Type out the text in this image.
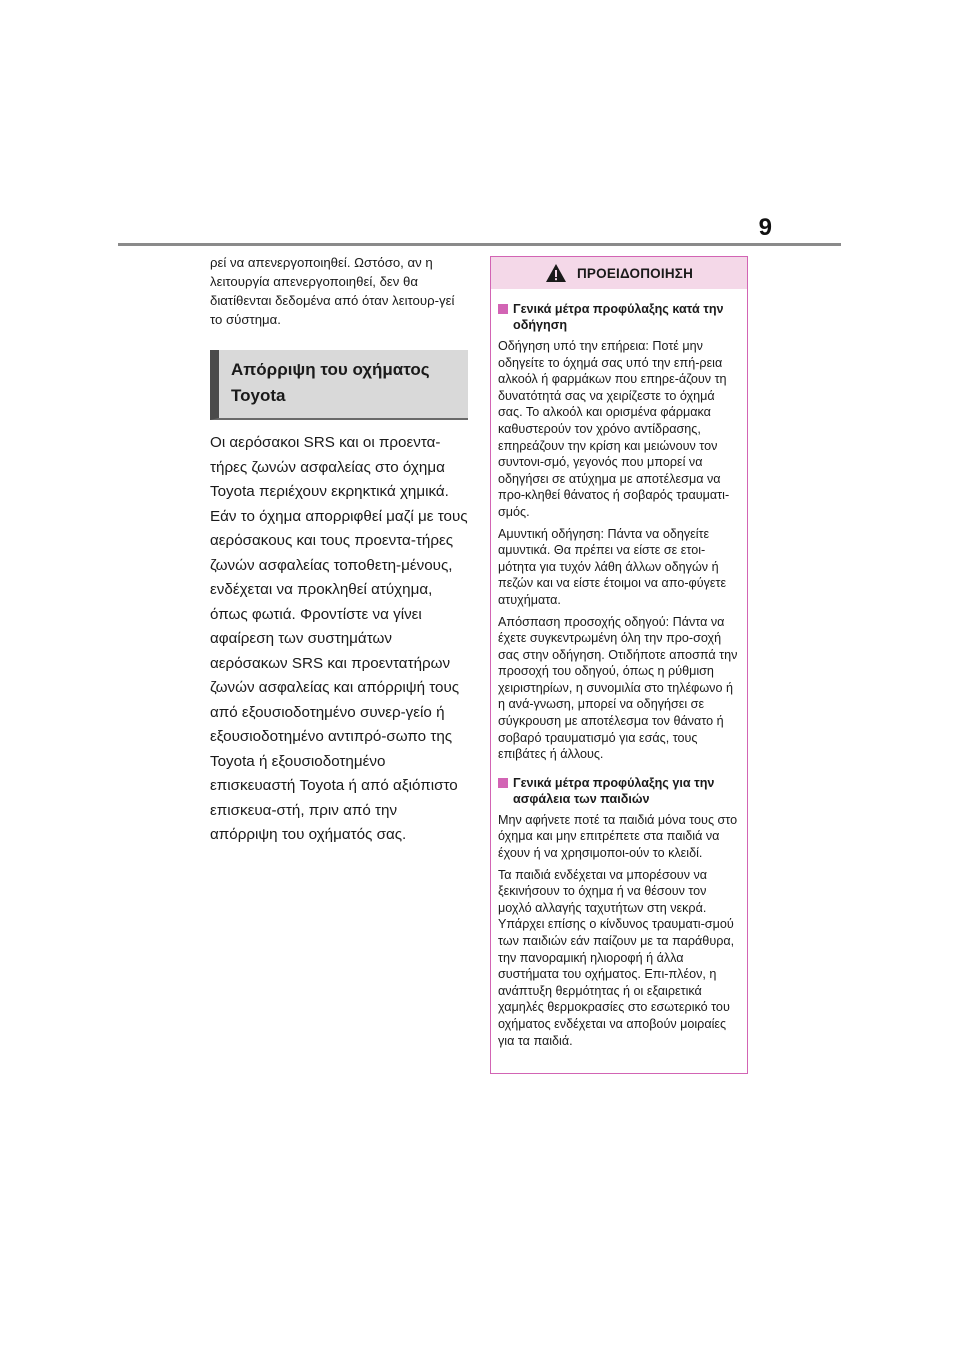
9

ρεί να απενεργοποιηθεί. Ωστόσο, αν η λειτουργία απενεργοποιηθεί, δεν θα διατίθενται δεδομένα από όταν λειτουρ-γεί το σύστημα.

Απόρριψη του οχήματος Toyota

Οι αερόσακοι SRS και οι προεντα-τήρες ζωνών ασφαλείας στο όχημα Toyota περιέχουν εκρηκτικά χημικά. Εάν το όχημα απορριφθεί μαζί με τους αερόσακους και τους προεντα-τήρες ζωνών ασφαλείας τοποθετη-μένους, ενδέχεται να προκληθεί ατύχημα, όπως φωτιά. Φροντίστε να γίνει αφαίρεση των συστημάτων αερόσακων SRS και προεντατήρων ζωνών ασφαλείας και απόρριψή τους από εξουσιοδοτημένο συνερ-γείο ή εξουσιοδοτημένο αντιπρό-σωπο της Toyota ή εξουσιοδοτημένο επισκευαστή Toyota ή από αξιόπιστο επισκευα-στή, πριν από την απόρριψη του οχήματός σας.

ΠΡΟΕΙΔΟΠΟΙΗΣΗ
Γενικά μέτρα προφύλαξης κατά την οδήγηση

Οδήγηση υπό την επήρεια: Ποτέ μην οδηγείτε το όχημά σας υπό την επή-ρεια αλκοόλ ή φαρμάκων που επηρε-άζουν τη δυνατότητά σας να χειρίζεστε το όχημά σας. Το αλκοόλ και ορισμένα φάρμακα καθυστερούν τον χρόνο αντίδρασης, επηρεάζουν την κρίση και μειώνουν τον συντονι-σμό, γεγονός που μπορεί να οδηγήσει σε ατύχημα με αποτέλεσμα να προ-κληθεί θάνατος ή σοβαρός τραυματι-σμός.

Αμυντική οδήγηση: Πάντα να οδηγείτε αμυντικά. Θα πρέπει να είστε σε ετοι-μότητα για τυχόν λάθη άλλων οδηγών ή πεζών και να είστε έτοιμοι να απο-φύγετε ατυχήματα.

Απόσπαση προσοχής οδηγού: Πάντα να έχετε συγκεντρωμένη όλη την προ-σοχή σας στην οδήγηση. Οτιδήποτε αποσπά την προσοχή του οδηγού, όπως η ρύθμιση χειριστηρίων, η συνομιλία στο τηλέφωνο ή η ανά-γνωση, μπορεί να οδηγήσει σε σύγκρουση με αποτέλεσμα τον θάνατο ή σοβαρό τραυματισμό για εσάς, τους επιβάτες ή άλλους.

Γενικά μέτρα προφύλαξης για την ασφάλεια των παιδιών

Μην αφήνετε ποτέ τα παιδιά μόνα τους στο όχημα και μην επιτρέπετε στα παιδιά να έχουν ή να χρησιμοποι-ούν το κλειδί.

Τα παιδιά ενδέχεται να μπορέσουν να ξεκινήσουν το όχημα ή να θέσουν τον μοχλό αλλαγής ταχυτήτων στη νεκρά. Υπάρχει επίσης ο κίνδυνος τραυματι-σμού των παιδιών εάν παίζουν με τα παράθυρα, την πανοραμική ηλιοροφή ή άλλα συστήματα του οχήματος. Επι-πλέον, η ανάπτυξη θερμότητας ή οι εξαιρετικά χαμηλές θερμοκρασίες στο εσωτερικό του οχήματος ενδέχεται να αποβούν μοιραίες για τα παιδιά.
